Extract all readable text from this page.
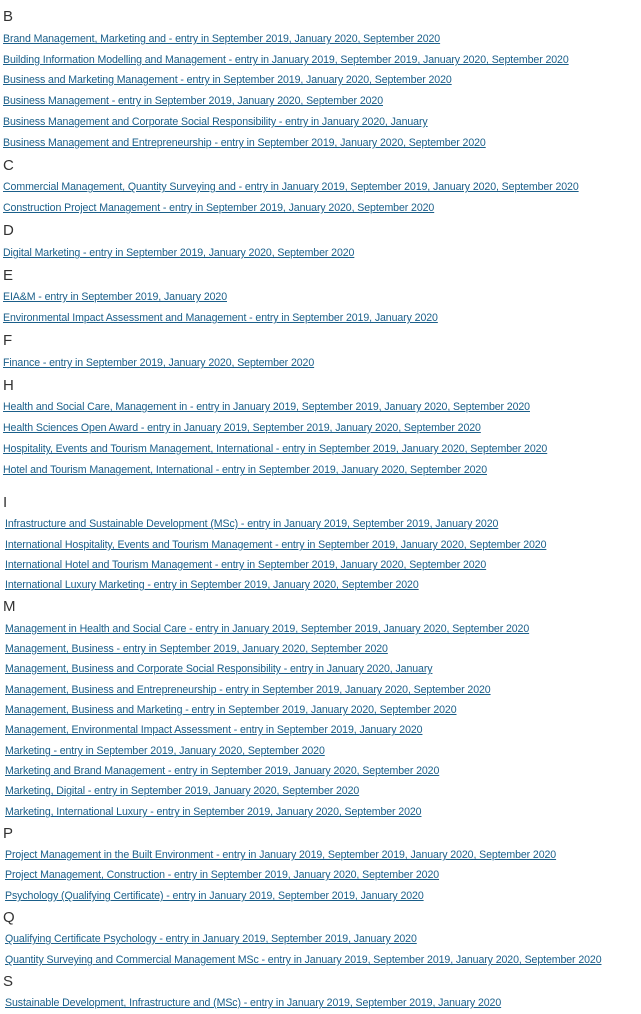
B
Brand Management, Marketing and - entry in September 2019, January 2020, September 2020
Building Information Modelling and Management - entry in January 2019, September 2019, January 2020, September 2020
Business and Marketing Management - entry in September 2019, January 2020, September 2020
Business Management - entry in September 2019, January 2020, September 2020
Business Management and Corporate Social Responsibility - entry in January 2020, January
Business Management and Entrepreneurship - entry in September 2019, January 2020, September 2020
C
Commercial Management, Quantity Surveying and - entry in January 2019, September 2019, January 2020, September 2020
Construction Project Management - entry in September 2019, January 2020, September 2020
D
Digital Marketing - entry in September 2019, January 2020, September 2020
E
EIA&M - entry in September 2019, January 2020
Environmental Impact Assessment and Management - entry in September 2019, January 2020
F
Finance - entry in September 2019, January 2020, September 2020
H
Health and Social Care, Management in - entry in January 2019, September 2019, January 2020, September 2020
Health Sciences Open Award - entry in January 2019, September 2019, January 2020, September 2020
Hospitality, Events and Tourism Management, International - entry in September 2019, January 2020, September 2020
Hotel and Tourism Management, International - entry in September 2019, January 2020, September 2020
I
Infrastructure and Sustainable Development (MSc) - entry in January 2019, September 2019, January 2020
International Hospitality, Events and Tourism Management - entry in September 2019, January 2020, September 2020
International Hotel and Tourism Management - entry in September 2019, January 2020, September 2020
International Luxury Marketing - entry in September 2019, January 2020, September 2020
M
Management in Health and Social Care - entry in January 2019, September 2019, January 2020, September 2020
Management, Business - entry in September 2019, January 2020, September 2020
Management, Business and Corporate Social Responsibility - entry in January 2020, January
Management, Business and Entrepreneurship - entry in September 2019, January 2020, September 2020
Management, Business and Marketing - entry in September 2019, January 2020, September 2020
Management, Environmental Impact Assessment - entry in September 2019, January 2020
Marketing - entry in September 2019, January 2020, September 2020
Marketing and Brand Management - entry in September 2019, January 2020, September 2020
Marketing, Digital - entry in September 2019, January 2020, September 2020
Marketing, International Luxury - entry in September 2019, January 2020, September 2020
P
Project Management in the Built Environment - entry in January 2019, September 2019, January 2020, September 2020
Project Management, Construction - entry in September 2019, January 2020, September 2020
Psychology (Qualifying Certificate) - entry in January 2019, September 2019, January 2020
Q
Qualifying Certificate Psychology - entry in January 2019, September 2019, January 2020
Quantity Surveying and Commercial Management MSc - entry in January 2019, September 2019, January 2020, September 2020
S
Sustainable Development, Infrastructure and (MSc) - entry in January 2019, September 2019, January 2020
